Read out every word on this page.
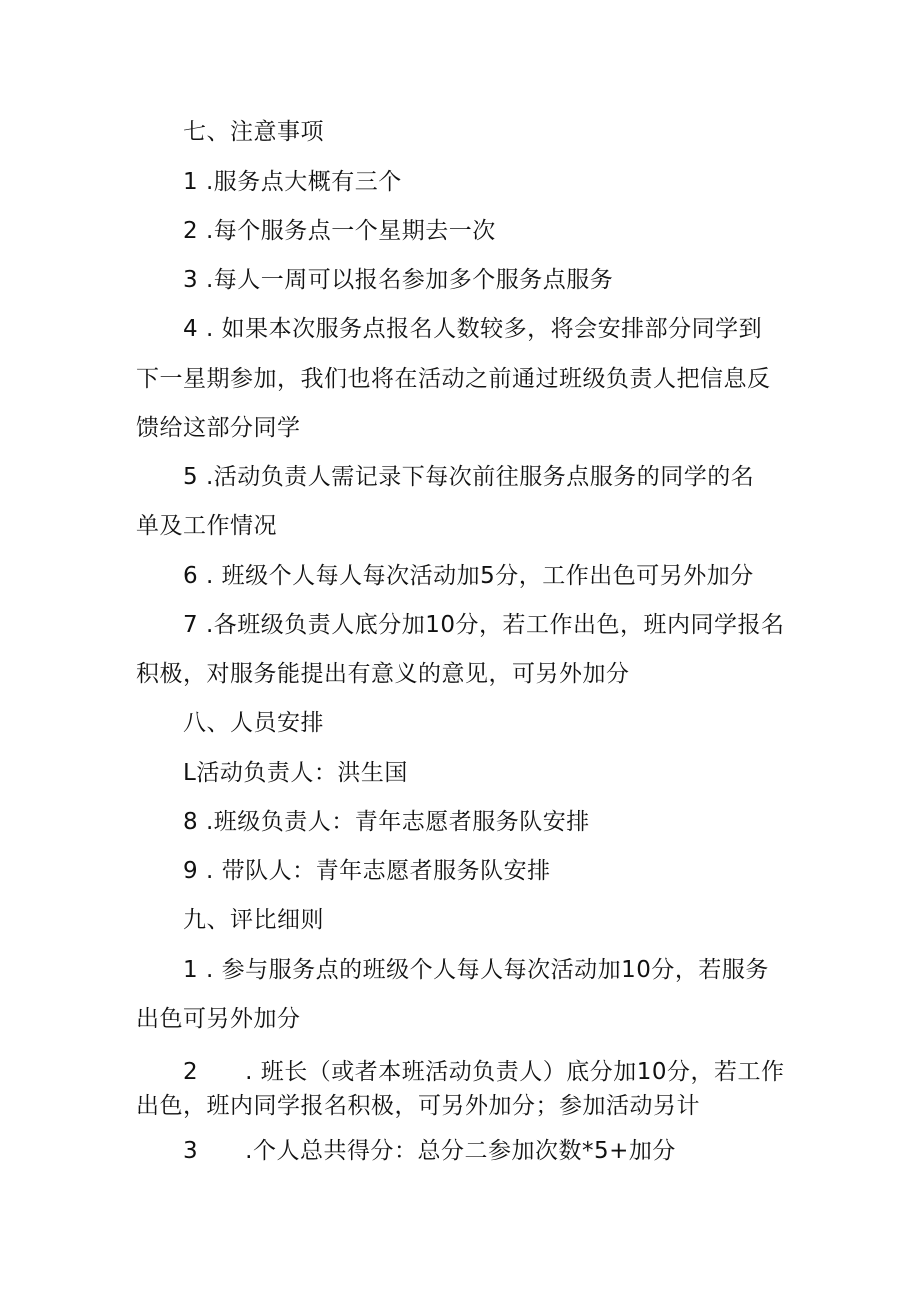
七、注意事项
1 .服务点大概有三个
2 .每个服务点一个星期去一次
3 .每人一周可以报名参加多个服务点服务
4 . 如果本次服务点报名人数较多，将会安排部分同学到
下一星期参加，我们也将在活动之前通过班级负责人把信息反
馈给这部分同学
5 .活动负责人需记录下每次前往服务点服务的同学的名
单及工作情况
6 . 班级个人每人每次活动加5分，工作出色可另外加分
7 .各班级负责人底分加10分，若工作出色，班内同学报名
积极，对服务能提出有意义的意见，可另外加分
八、人员安排
L活动负责人：洪生国
8 .班级负责人：青年志愿者服务队安排
9 . 带队人：青年志愿者服务队安排
九、评比细则
1 . 参与服务点的班级个人每人每次活动加10分，若服务
出色可另外加分
2　　. 班长（或者本班活动负责人）底分加10分，若工作
出色，班内同学报名积极，可另外加分；参加活动另计
3　　.个人总共得分：总分二参加次数*5+加分
